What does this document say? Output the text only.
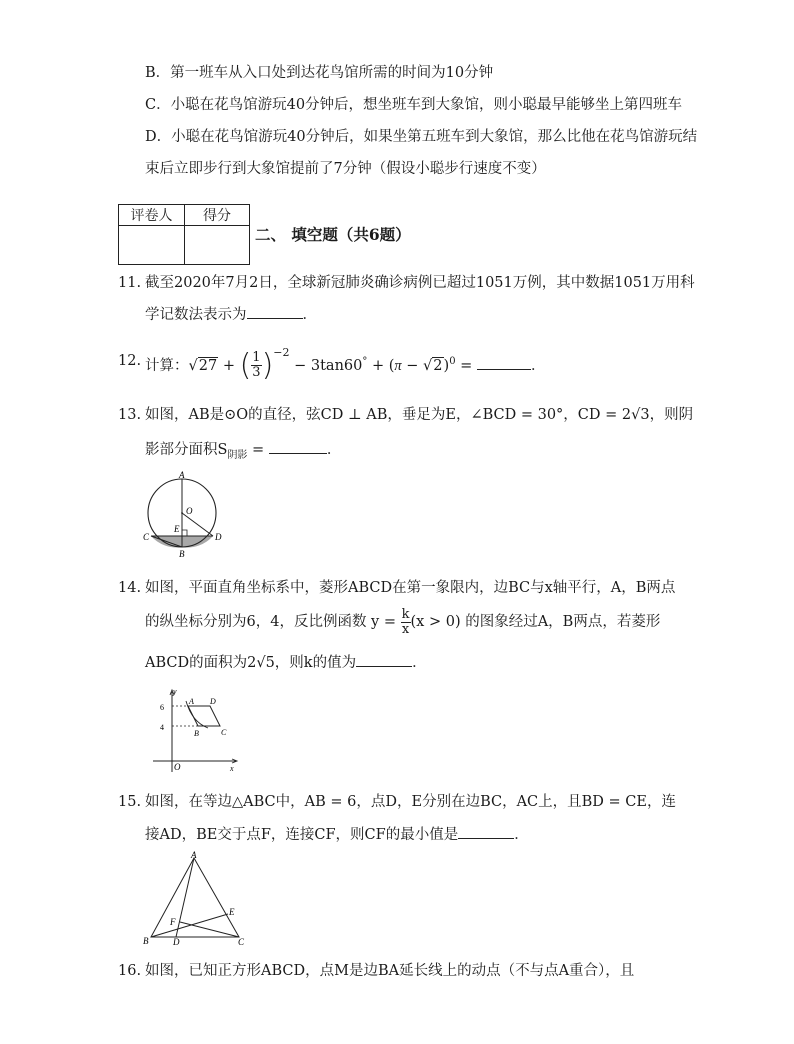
B．第一班车从入口处到达花鸟馆所需的时间为10分钟
C．小聪在花鸟馆游玩40分钟后，想坐班车到大象馆，则小聪最早能够坐上第四班车
D．小聪在花鸟馆游玩40分钟后，如果坐第五班车到大象馆，那么比他在花鸟馆游玩结
束后立即步行到大象馆提前了7分钟（假设小聪步行速度不变）
评卷人	得分

二、 填空题（共6题）
11. 截至2020年7月2日，全球新冠肺炎确诊病例已超过1051万例，其中数据1051万用科
学记数法表示为	．
12. 计算：√27 + ( $\frac{1}{3} )^{-2} - 3\tan 60^\circ + (\pi - √2)^0$ =	．
13. 如图，AB是⊙O的直径，弦CD ⊥ AB，垂足为E，∠BCD = 30°，CD = 2√3，则阴
影部分面积$S_{阴影}$ =	．
A
O
E
C	D
B
14. 如图，平面直角坐标系中，菱形ABCD在第一象限内，边BC与x轴平行，A，B两点
的纵坐标分别为6，4，反比例函数 $y = \frac{k}{x} (x > 0)$ 的图象经过A，B两点，若菱形
ABCD的面积为2√5，则k的值为	．
y
x
O
6
4
A D
B	C
15. 如图，在等边△ABC中，AB = 6，点D，E分别在边BC，AC上，且BD = CE，连
接AD，BE交于点F，连接CF，则CF的最小值是	．
A
B	D	C
E
F
16. 如图，已知正方形ABCD，点M是边BA延长线上的动点（不与点A重合），且
